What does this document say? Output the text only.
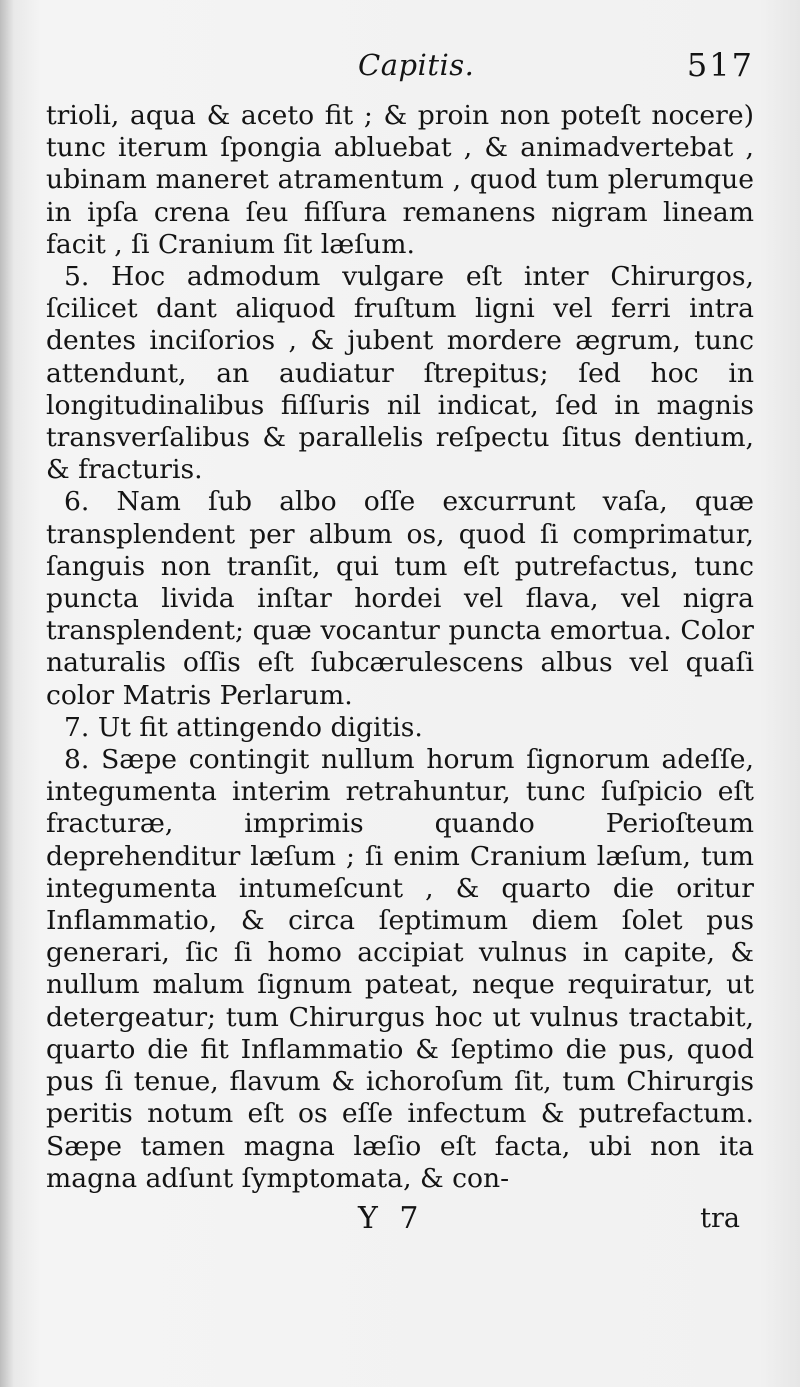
Capitis.	517

trioli, aqua & aceto fit ; & proin non poteſt nocere) tunc iterum ſpongia abluebat , & animadvertebat , ubinam maneret atramentum , quod tum plerumque in ipſa crena ſeu fiſſura remanens nigram lineam facit , ſi Cranium ſit læſum.

5. Hoc admodum vulgare eſt inter Chirurgos, ſcilicet dant aliquod fruſtum ligni vel ferri intra dentes inciſorios , & jubent mordere ægrum, tunc attendunt, an audiatur ſtrepitus; ſed hoc in longitudinalibus fiſſuris nil indicat, ſed in magnis transverſalibus & parallelis reſpectu ſitus dentium, & fracturis.

6. Nam ſub albo oſſe excurrunt vaſa, quæ transplendent per album os, quod ſi comprimatur, ſanguis non tranſit, qui tum eſt putrefactus, tunc puncta livida inſtar hordei vel flava, vel nigra transplendent; quæ vocantur puncta emortua. Color naturalis oſſis eſt ſubcærulescens albus vel quaſi color Matris Perlarum.

7. Ut fit attingendo digitis.

8. Sæpe contingit nullum horum ſignorum adeſſe, integumenta interim retrahuntur, tunc ſuſpicio eſt fracturæ, imprimis quando Perioſteum deprehenditur læſum ; ſi enim Cranium læſum, tum integumenta intumeſcunt , & quarto die oritur Inflammatio, & circa ſeptimum diem ſolet pus generari, ſic ſi homo accipiat vulnus in capite, & nullum malum ſignum pateat, neque requiratur, ut detergeatur; tum Chirurgus hoc ut vulnus tractabit, quarto die fit Inflammatio & ſeptimo die pus, quod pus ſi tenue, flavum & ichoroſum ſit, tum Chirurgis peritis notum eſt os eſſe infectum & putrefactum. Sæpe tamen magna læſio eſt facta, ubi non ita magna adſunt ſymptomata, & con-

Y 7	tra
